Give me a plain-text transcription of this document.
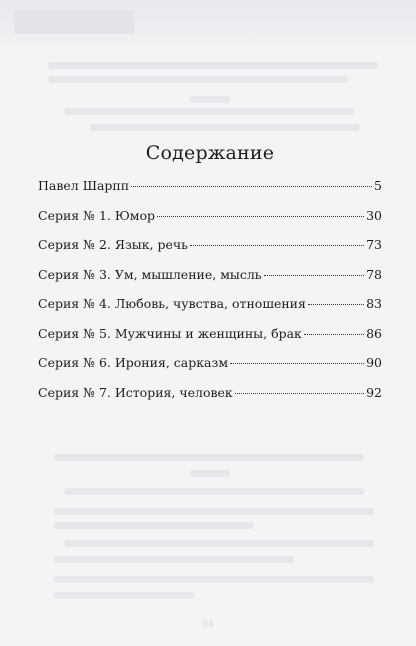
Содержание
Павел Шарпп	5
Серия № 1. Юмор	30
Серия № 2. Язык, речь	73
Серия № 3. Ум, мышление, мысль	78
Серия № 4. Любовь, чувства, отношения	83
Серия № 5. Мужчины и женщины, брак	86
Серия № 6. Ирония, сарказм	90
Серия № 7. История, человек	92
94
